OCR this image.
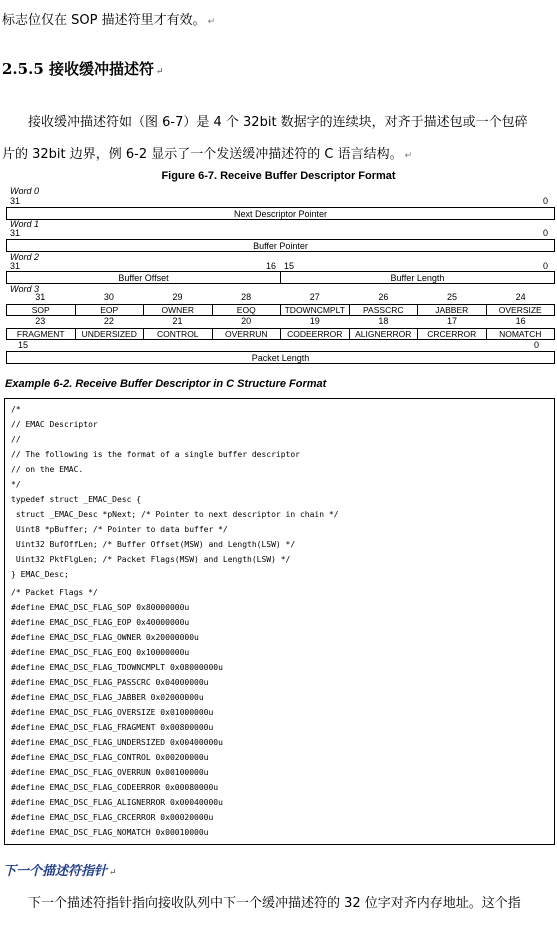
标志位仅在 SOP 描述符里才有效。 ↵
2.5.5 接收缓冲描述符 ↵
接收缓冲描述符如（图 6-7）是 4 个 32bit 数据字的连续块，对齐于描述包或一个包碎
片的 32bit 边界，例 6-2 显示了一个发送缓冲描述符的 C 语言结构。 ↵
Figure 6-7. Receive Buffer Descriptor Format
Word 0
31	0
Next Descriptor Pointer
Word 1
31	0
Buffer Pointer
Word 2
31	16 15	0
Buffer Offset	Buffer Length
Word 3
31	30	29	28	27	26	25	24
SOP	EOP	OWNER	EOQ	TDOWNCMPLT	PASSCRC	JABBER	OVERSIZE
23	22	21	20	19	18	17	16
FRAGMENT	UNDERSIZED	CONTROL	OVERRUN	CODEERROR	ALIGNERROR	CRCERROR	NOMATCH
15	0
Packet Length
Example 6-2. Receive Buffer Descriptor in C Structure Format
/*
// EMAC Descriptor
//
// The following is the format of a single buffer descriptor
// on the EMAC.
*/
typedef struct _EMAC_Desc {
struct _EMAC_Desc *pNext; /* Pointer to next descriptor in chain */
Uint8 *pBuffer; /* Pointer to data buffer */
Uint32 BufOffLen; /* Buffer Offset(MSW) and Length(LSW) */
Uint32 PktFlgLen; /* Packet Flags(MSW) and Length(LSW) */
} EMAC_Desc;
/* Packet Flags */
#define EMAC_DSC_FLAG_SOP 0x80000000u
#define EMAC_DSC_FLAG_EOP 0x40000000u
#define EMAC_DSC_FLAG_OWNER 0x20000000u
#define EMAC_DSC_FLAG_EOQ 0x10000000u
#define EMAC_DSC_FLAG_TDOWNCMPLT 0x08000000u
#define EMAC_DSC_FLAG_PASSCRC 0x04000000u
#define EMAC_DSC_FLAG_JABBER 0x02000000u
#define EMAC_DSC_FLAG_OVERSIZE 0x01000000u
#define EMAC_DSC_FLAG_FRAGMENT 0x00800000u
#define EMAC_DSC_FLAG_UNDERSIZED 0x00400000u
#define EMAC_DSC_FLAG_CONTROL 0x00200000u
#define EMAC_DSC_FLAG_OVERRUN 0x00100000u
#define EMAC_DSC_FLAG_CODEERROR 0x00080000u
#define EMAC_DSC_FLAG_ALIGNERROR 0x00040000u
#define EMAC_DSC_FLAG_CRCERROR 0x00020000u
#define EMAC_DSC_FLAG_NOMATCH 0x00010000u
下一个描述符指针 ↵
下一个描述符指针指向接收队列中下一个缓冲描述符的 32 位字对齐内存地址。这个指
